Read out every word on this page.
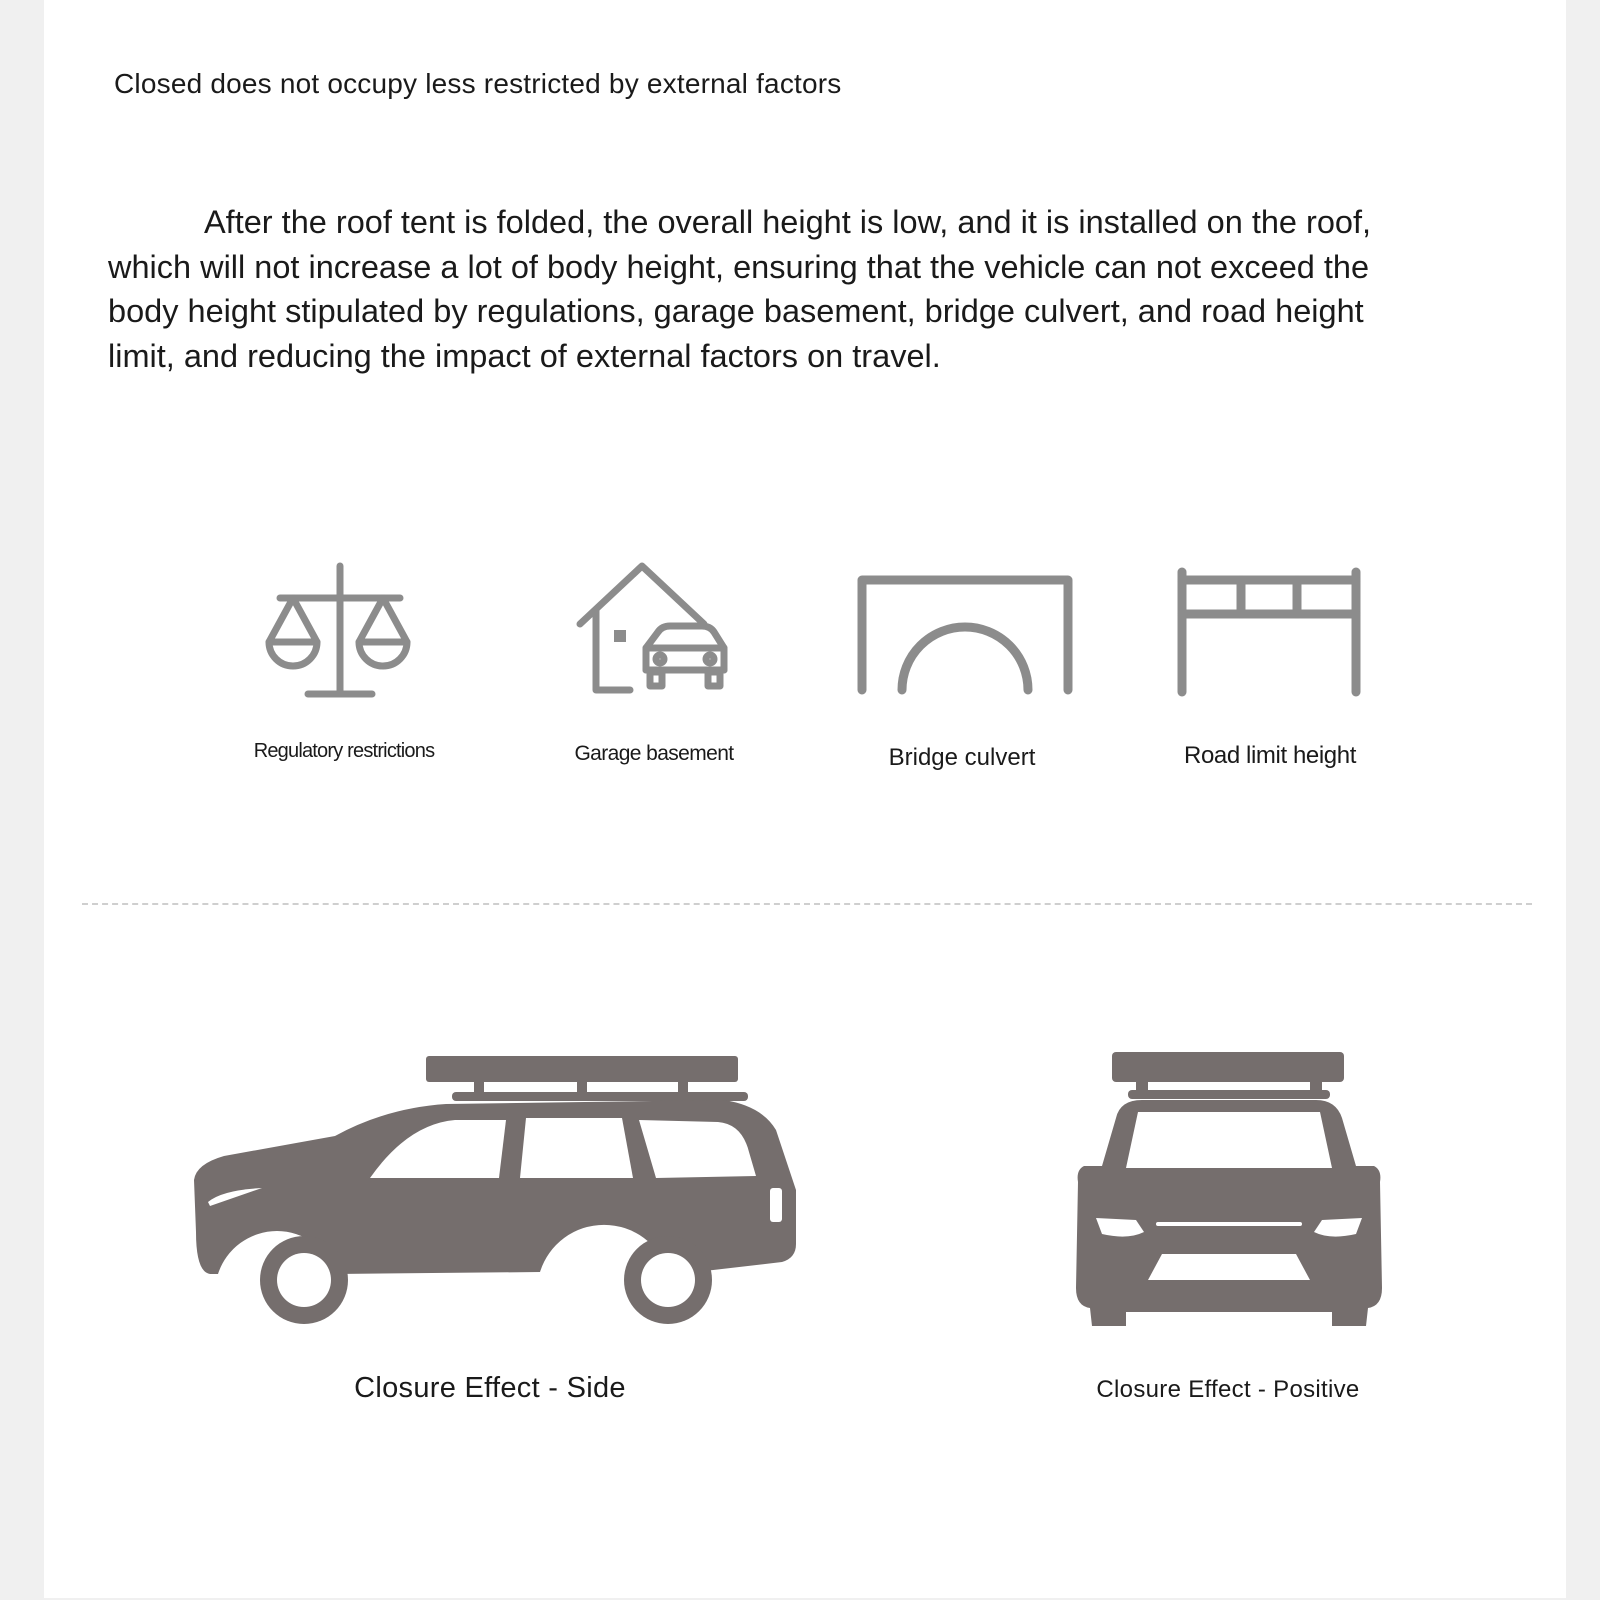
Closed does not occupy less restricted by external factors

After the roof tent is folded, the overall height is low, and it is installed on the roof, which will not increase a lot of body height, ensuring that the vehicle can not exceed the body height stipulated by regulations, garage basement, bridge culvert, and road height limit, and reducing the impact of external factors on travel.

Regulatory restrictions	Garage basement	Bridge culvert	Road limit height
Closure Effect - Side	Closure Effect - Positive
